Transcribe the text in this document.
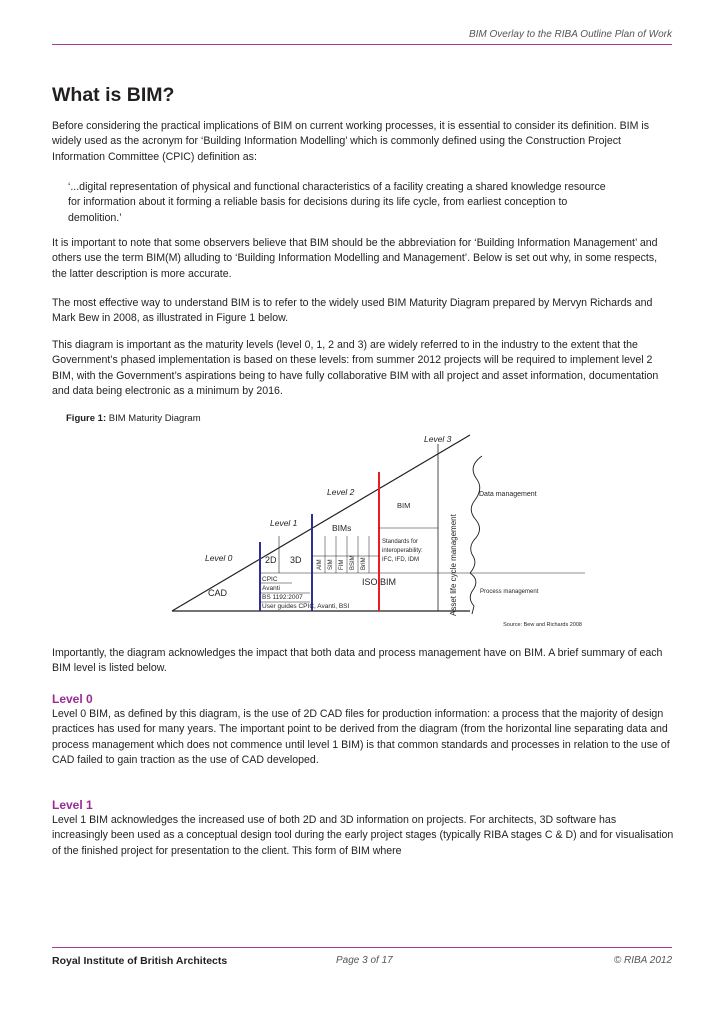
BIM Overlay to the RIBA Outline Plan of Work
What is BIM?

Before considering the practical implications of BIM on current working processes, it is essential to consider its definition. BIM is widely used as the acronym for ‘Building Information Modelling’ which is commonly defined using the Construction Project Information Committee (CPIC) definition as:

‘...digital representation of physical and functional characteristics of a facility creating a shared knowledge resource for information about it forming a reliable basis for decisions during its life cycle, from earliest conception to demolition.’

It is important to note that some observers believe that BIM should be the abbreviation for ‘Building Information Management’ and others use the term BIM(M) alluding to ‘Building Information Modelling and Management’. Below is set out why, in some respects, the latter description is more accurate.

The most effective way to understand BIM is to refer to the widely used BIM Maturity Diagram prepared by Mervyn Richards and Mark Bew in 2008, as illustrated in Figure 1 below.

This diagram is important as the maturity levels (level 0, 1, 2 and 3) are widely referred to in the industry to the extent that the Government’s phased implementation is based on these levels: from summer 2012 projects will be required to implement level 2 BIM, with the Government’s aspirations being to have fully collaborative BIM with all project and asset information, documentation and data being electronic as a minimum by 2016.

Figure 1: BIM Maturity Diagram
Level 0
Level 1
Level 2
Level 3
CAD
2D 3D
BIMs
BIM
ISO BIM
AIM SIM FIM BSIM BrIM
Standards for
interoperability:
IFC, IFD, IDM
CPIC
Avanti
BS 1192:2007
User guides CPIC, Avanti, BSI	Asset life cycle management
Data management
Process management
Source: Bew and Richards 2008

Importantly, the diagram acknowledges the impact that both data and process management have on BIM. A brief summary of each BIM level is listed below.

Level 0

Level 0 BIM, as defined by this diagram, is the use of 2D CAD files for production information: a process that the majority of design practices has used for many years. The important point to be derived from the diagram (from the horizontal line separating data and process management which does not commence until level 1 BIM) is that common standards and processes in relation to the use of CAD failed to gain traction as the use of CAD developed.

Level 1

Level 1 BIM acknowledges the increased use of both 2D and 3D information on projects. For architects, 3D software has increasingly been used as a conceptual design tool during the early project stages (typically RIBA stages C & D) and for visualisation of the finished project for presentation to the client. This form of BIM where

Royal Institute of British Architects	Page 3 of 17	© RIBA 2012
